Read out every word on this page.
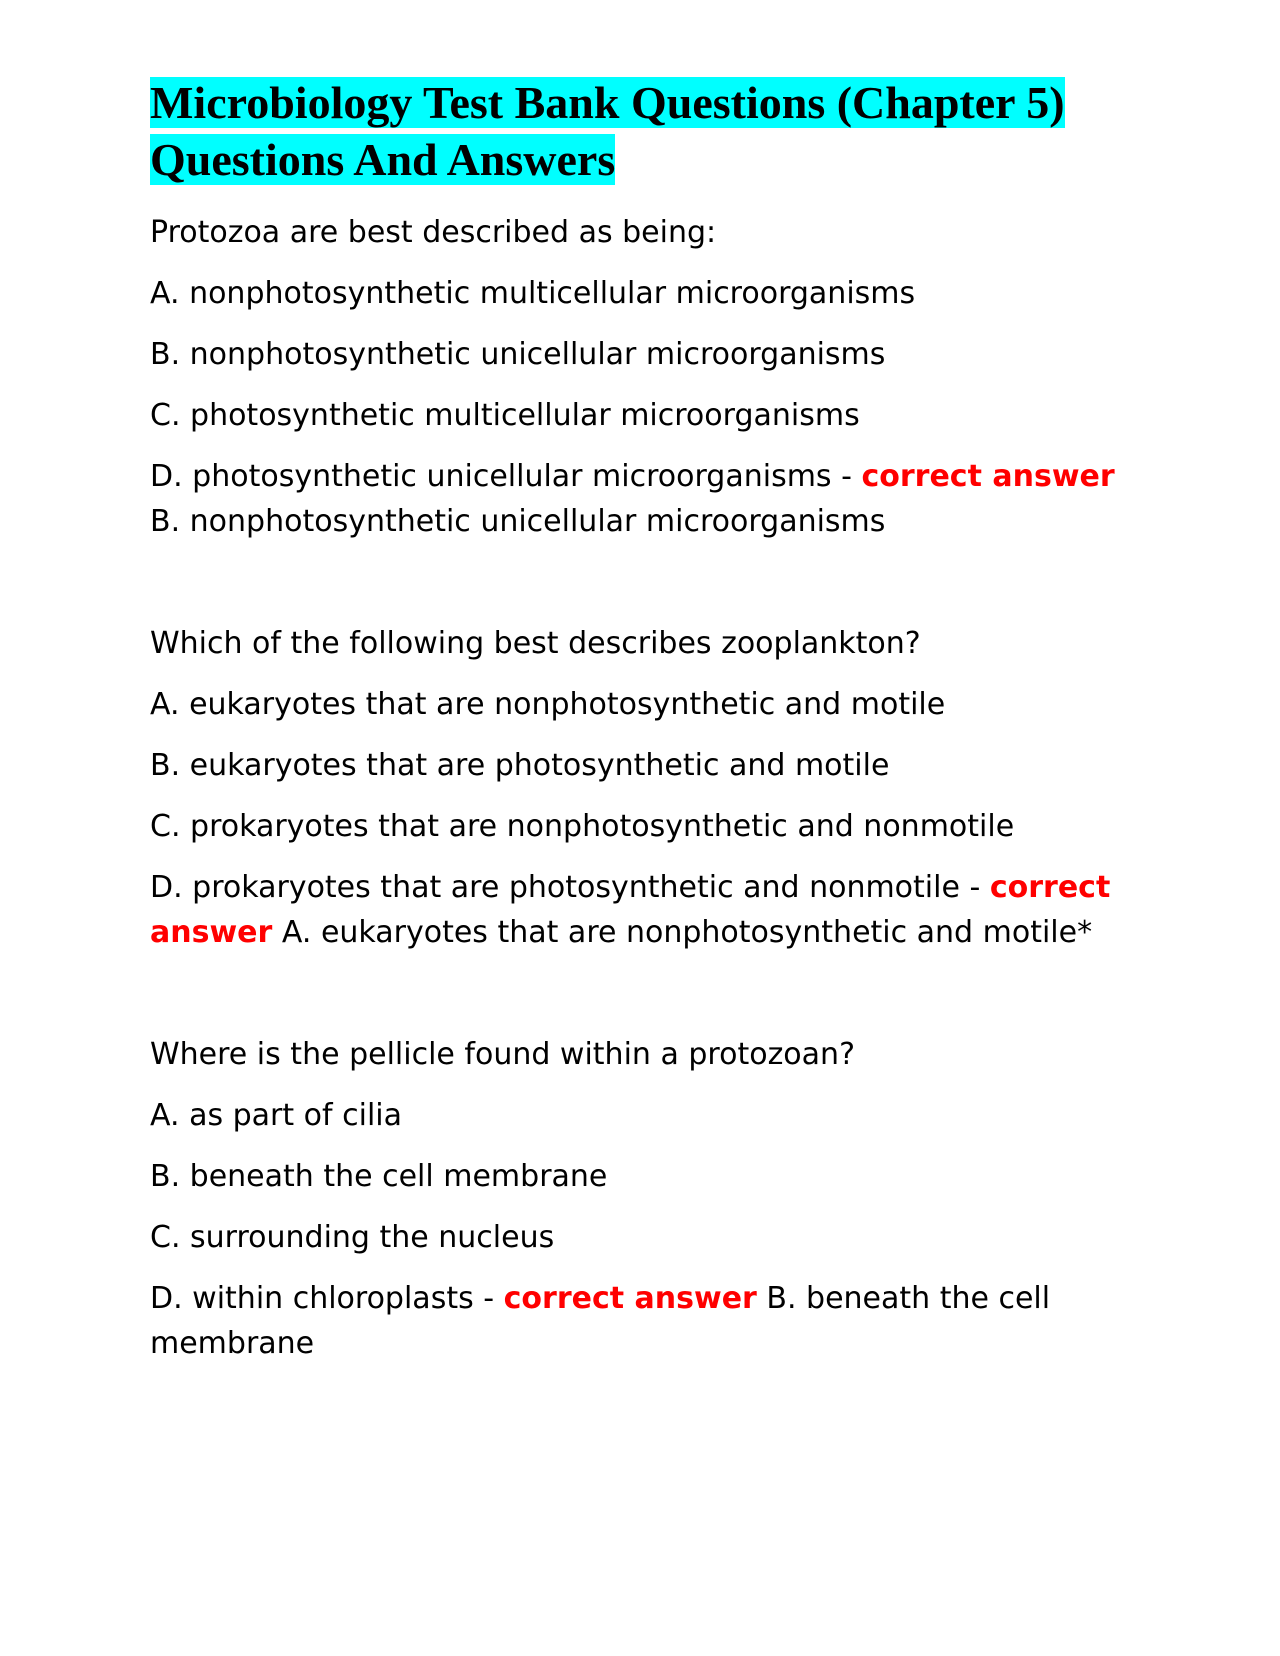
Microbiology Test Bank Questions (Chapter 5) Questions And Answers

Protozoa are best described as being:

A. nonphotosynthetic multicellular microorganisms

B. nonphotosynthetic unicellular microorganisms

C. photosynthetic multicellular microorganisms

D. photosynthetic unicellular microorganisms - correct answer B. nonphotosynthetic unicellular microorganisms

Which of the following best describes zooplankton?

A. eukaryotes that are nonphotosynthetic and motile

B. eukaryotes that are photosynthetic and motile

C. prokaryotes that are nonphotosynthetic and nonmotile

D. prokaryotes that are photosynthetic and nonmotile - correct answer A. eukaryotes that are nonphotosynthetic and motile*

Where is the pellicle found within a protozoan?

A. as part of cilia

B. beneath the cell membrane

C. surrounding the nucleus

D. within chloroplasts - correct answer B. beneath the cell membrane
